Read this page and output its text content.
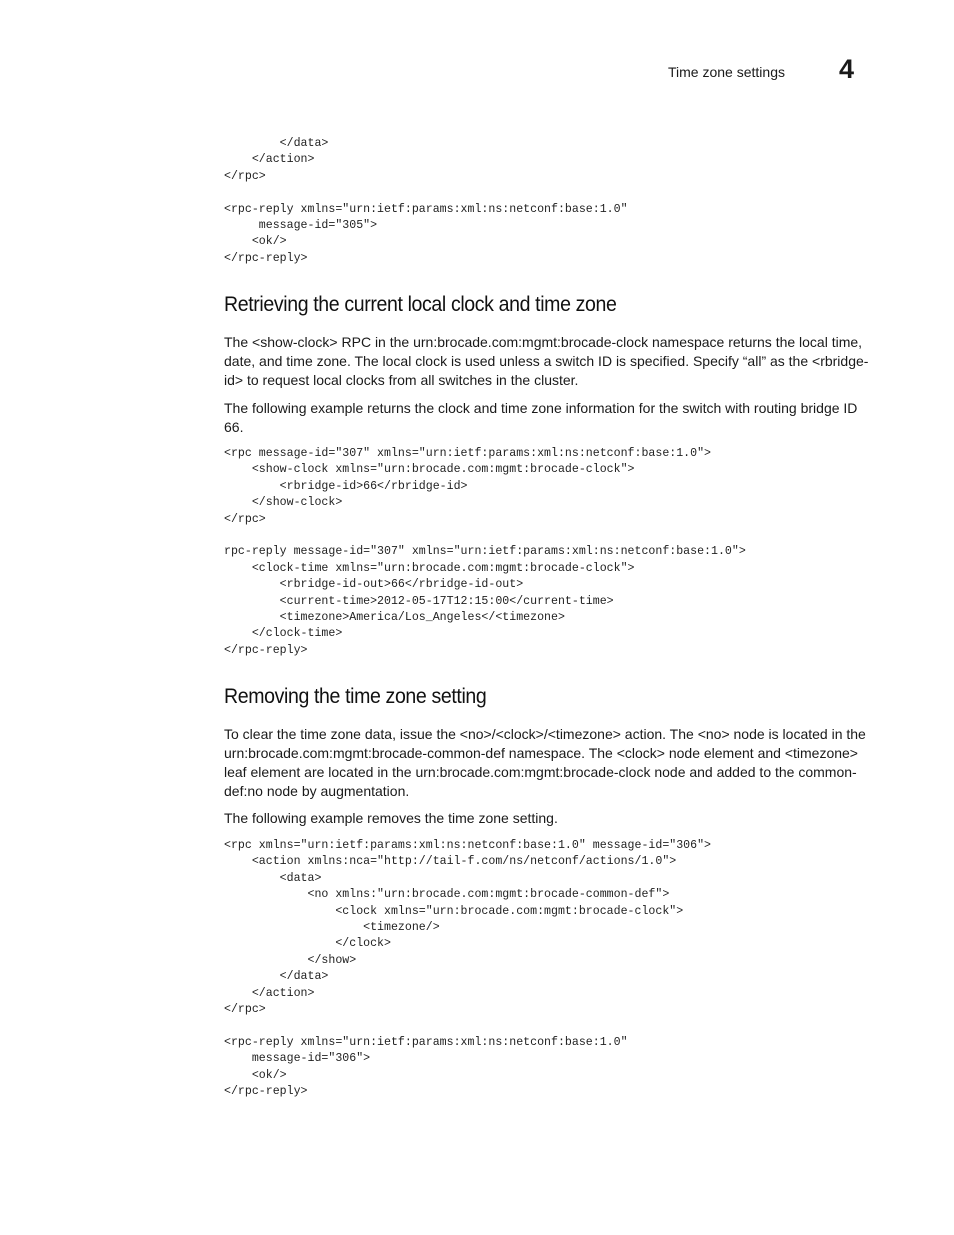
Time zone settings 4
</data>
</action>
</rpc>

<rpc-reply xmlns="urn:ietf:params:xml:ns:netconf:base:1.0"
message-id="305">
<ok/>
</rpc-reply>
Retrieving the current local clock and time zone

The <show-clock> RPC in the urn:brocade.com:mgmt:brocade-clock namespace returns the local time, date, and time zone. The local clock is used unless a switch ID is specified. Specify “all” as the <rbridge-id> to request local clocks from all switches in the cluster.

The following example returns the clock and time zone information for the switch with routing bridge ID 66.

<rpc message-id="307" xmlns="urn:ietf:params:xml:ns:netconf:base:1.0">
<show-clock xmlns="urn:brocade.com:mgmt:brocade-clock">
<rbridge-id>66</rbridge-id>
</show-clock>
</rpc>

rpc-reply message-id="307" xmlns="urn:ietf:params:xml:ns:netconf:base:1.0">
<clock-time xmlns="urn:brocade.com:mgmt:brocade-clock">
<rbridge-id-out>66</rbridge-id-out>
<current-time>2012-05-17T12:15:00</current-time>
<timezone>America/Los_Angeles</<timezone>
</clock-time>
</rpc-reply>
Removing the time zone setting

To clear the time zone data, issue the <no>/<clock>/<timezone> action. The <no> node is located in the urn:brocade.com:mgmt:brocade-common-def namespace. The <clock> node element and <timezone> leaf element are located in the urn:brocade.com:mgmt:brocade-clock node and added to the common-def:no node by augmentation.

The following example removes the time zone setting.

<rpc xmlns="urn:ietf:params:xml:ns:netconf:base:1.0" message-id="306">
<action xmlns:nca="http://tail-f.com/ns/netconf/actions/1.0">
<data>
<no xmlns:"urn:brocade.com:mgmt:brocade-common-def">
<clock xmlns="urn:brocade.com:mgmt:brocade-clock">
<timezone/>
</clock>
</show>
</data>
</action>
</rpc>

<rpc-reply xmlns="urn:ietf:params:xml:ns:netconf:base:1.0"
message-id="306">
<ok/>
</rpc-reply>
